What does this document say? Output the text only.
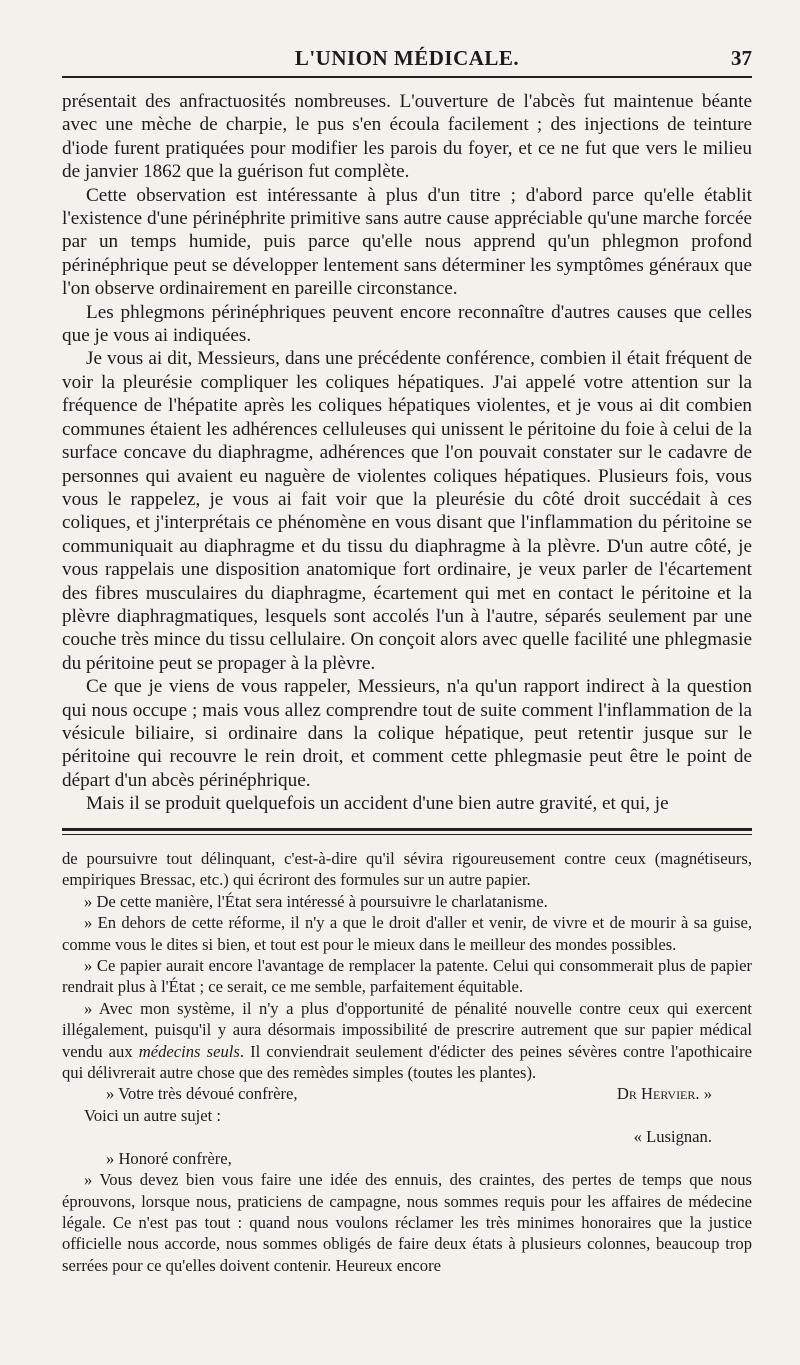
L'UNION MÉDICALE.	37

présentait des anfractuosités nombreuses. L'ouverture de l'abcès fut maintenue béante avec une mèche de charpie, le pus s'en écoula facilement ; des injections de teinture d'iode furent pratiquées pour modifier les parois du foyer, et ce ne fut que vers le milieu de janvier 1862 que la guérison fut complète.

Cette observation est intéressante à plus d'un titre ; d'abord parce qu'elle établit l'existence d'une périnéphrite primitive sans autre cause appréciable qu'une marche forcée par un temps humide, puis parce qu'elle nous apprend qu'un phlegmon profond périnéphrique peut se développer lentement sans déterminer les symptômes généraux que l'on observe ordinairement en pareille circonstance.

Les phlegmons périnéphriques peuvent encore reconnaître d'autres causes que celles que je vous ai indiquées.

Je vous ai dit, Messieurs, dans une précédente conférence, combien il était fréquent de voir la pleurésie compliquer les coliques hépatiques. J'ai appelé votre attention sur la fréquence de l'hépatite après les coliques hépatiques violentes, et je vous ai dit combien communes étaient les adhérences celluleuses qui unissent le péritoine du foie à celui de la surface concave du diaphragme, adhérences que l'on pouvait constater sur le cadavre de personnes qui avaient eu naguère de violentes coliques hépatiques. Plusieurs fois, vous vous le rappelez, je vous ai fait voir que la pleurésie du côté droit succédait à ces coliques, et j'interprétais ce phénomène en vous disant que l'inflammation du péritoine se communiquait au diaphragme et du tissu du diaphragme à la plèvre. D'un autre côté, je vous rappelais une disposition anatomique fort ordinaire, je veux parler de l'écartement des fibres musculaires du diaphragme, écartement qui met en contact le péritoine et la plèvre diaphragmatiques, lesquels sont accolés l'un à l'autre, séparés seulement par une couche très mince du tissu cellulaire. On conçoit alors avec quelle facilité une phlegmasie du péritoine peut se propager à la plèvre.

Ce que je viens de vous rappeler, Messieurs, n'a qu'un rapport indirect à la question qui nous occupe ; mais vous allez comprendre tout de suite comment l'inflammation de la vésicule biliaire, si ordinaire dans la colique hépatique, peut retentir jusque sur le péritoine qui recouvre le rein droit, et comment cette phlegmasie peut être le point de départ d'un abcès périnéphrique.

Mais il se produit quelquefois un accident d'une bien autre gravité, et qui, je

de poursuivre tout délinquant, c'est-à-dire qu'il sévira rigoureusement contre ceux (magnétiseurs, empiriques Bressac, etc.) qui écriront des formules sur un autre papier.

» De cette manière, l'État sera intéressé à poursuivre le charlatanisme.

» En dehors de cette réforme, il n'y a que le droit d'aller et venir, de vivre et de mourir à sa guise, comme vous le dites si bien, et tout est pour le mieux dans le meilleur des mondes possibles.

» Ce papier aurait encore l'avantage de remplacer la patente. Celui qui consommerait plus de papier rendrait plus à l'État ; ce serait, ce me semble, parfaitement équitable.

» Avec mon système, il n'y a plus d'opportunité de pénalité nouvelle contre ceux qui exercent illégalement, puisqu'il y aura désormais impossibilité de prescrire autrement que sur papier médical vendu aux médecins seuls. Il conviendrait seulement d'édicter des peines sévères contre l'apothicaire qui délivrerait autre chose que des remèdes simples (toutes les plantes).

» Votre très dévoué confrère,	Dr Hervier. »

Voici un autre sujet :

« Lusignan.

» Honoré confrère,

» Vous devez bien vous faire une idée des ennuis, des craintes, des pertes de temps que nous éprouvons, lorsque nous, praticiens de campagne, nous sommes requis pour les affaires de médecine légale. Ce n'est pas tout : quand nous voulons réclamer les très minimes honoraires que la justice officielle nous accorde, nous sommes obligés de faire deux états à plusieurs colonnes, beaucoup trop serrées pour ce qu'elles doivent contenir. Heureux encore
